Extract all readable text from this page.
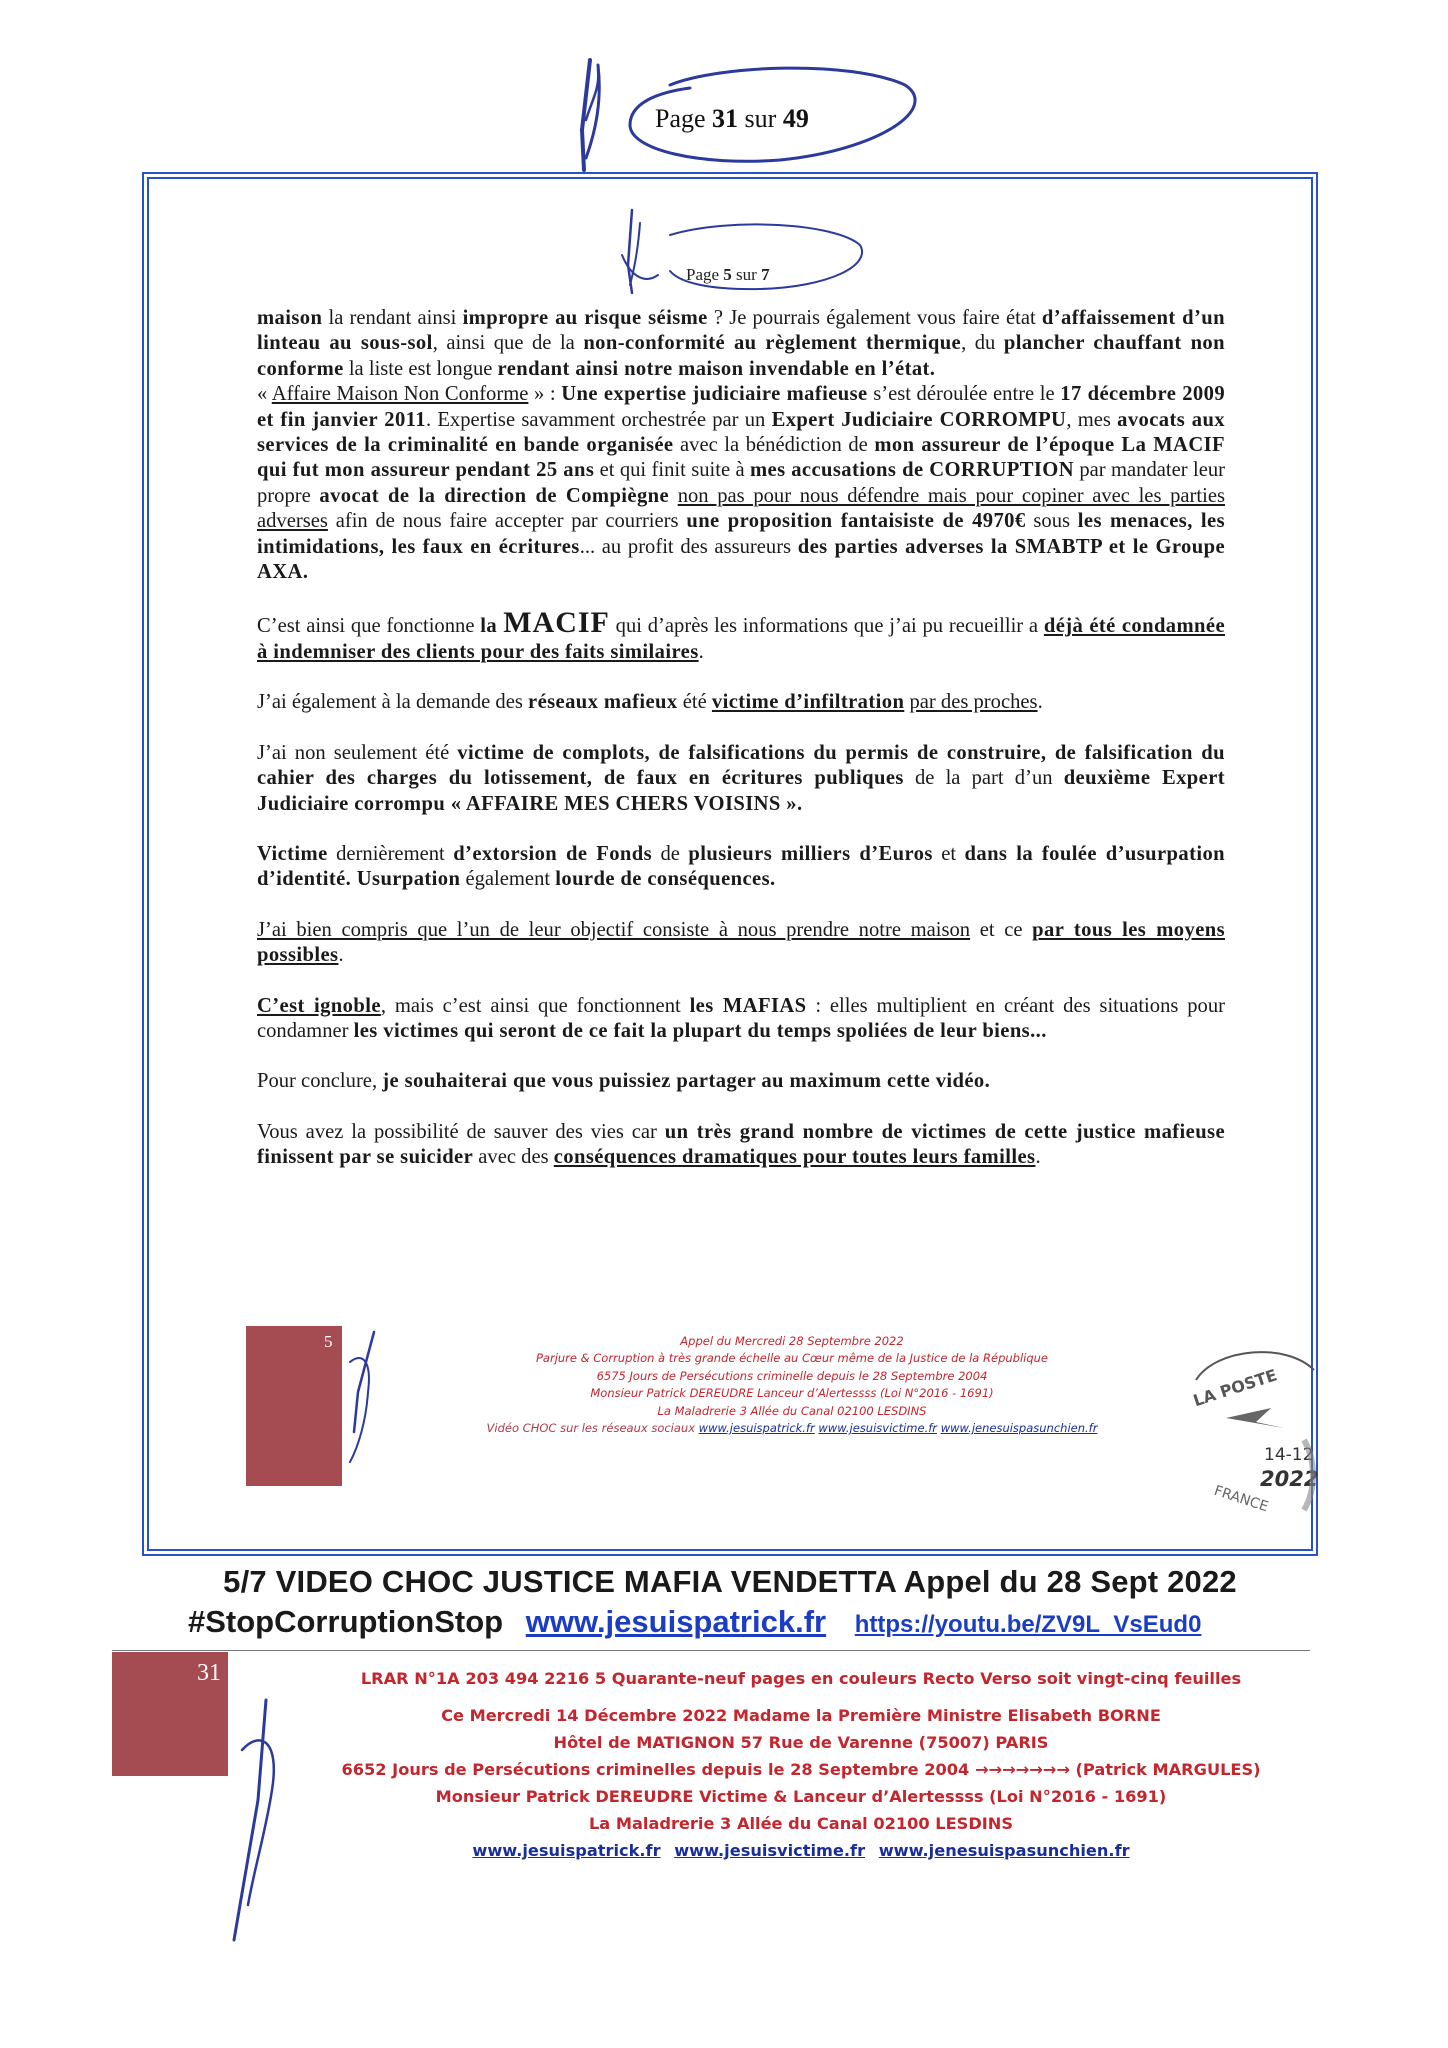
Page 31 sur 49
Page 5 sur 7

maison la rendant ainsi impropre au risque séisme ? Je pourrais également vous faire état d’affaissement d’un linteau au sous-sol, ainsi que de la non-conformité au règlement thermique, du plancher chauffant non conforme la liste est longue rendant ainsi notre maison invendable en l’état.

« Affaire Maison Non Conforme » : Une expertise judiciaire mafieuse s’est déroulée entre le 17 décembre 2009 et fin janvier 2011. Expertise savamment orchestrée par un Expert Judiciaire CORROMPU, mes avocats aux services de la criminalité en bande organisée avec la bénédiction de mon assureur de l’époque La MACIF qui fut mon assureur pendant 25 ans et qui finit suite à mes accusations de CORRUPTION par mandater leur propre avocat de la direction de Compiègne non pas pour nous défendre mais pour copiner avec les parties adverses afin de nous faire accepter par courriers une proposition fantaisiste de 4970€ sous les menaces, les intimidations, les faux en écritures... au profit des assureurs des parties adverses la SMABTP et le Groupe AXA.

C’est ainsi que fonctionne la MACIF qui d’après les informations que j’ai pu recueillir a déjà été condamnée à indemniser des clients pour des faits similaires.

J’ai également à la demande des réseaux mafieux été victime d’infiltration par des proches.

J’ai non seulement été victime de complots, de falsifications du permis de construire, de falsification du cahier des charges du lotissement, de faux en écritures publiques de la part d’un deuxième Expert Judiciaire corrompu « AFFAIRE MES CHERS VOISINS ».

Victime dernièrement d’extorsion de Fonds de plusieurs milliers d’Euros et dans la foulée d’usurpation d’identité. Usurpation également lourde de conséquences.

J’ai bien compris que l’un de leur objectif consiste à nous prendre notre maison et ce par tous les moyens possibles.

C’est ignoble, mais c’est ainsi que fonctionnent les MAFIAS : elles multiplient en créant des situations pour condamner les victimes qui seront de ce fait la plupart du temps spoliées de leur biens...

Pour conclure, je souhaiterai que vous puissiez partager au maximum cette vidéo.

Vous avez la possibilité de sauver des vies car un très grand nombre de victimes de cette justice mafieuse finissent par se suicider avec des conséquences dramatiques pour toutes leurs familles.

5	Appel du Mercredi 28 Septembre 2022
Parjure & Corruption à très grande échelle au Cœur même de la Justice de la République
6575 Jours de Persécutions criminelle depuis le 28 Septembre 2004
Monsieur Patrick DEREUDRE Lanceur d’Alertessss (Loi N°2016 - 1691)
La Maladrerie 3 Allée du Canal 02100 LESDINS
Vidéo CHOC sur les réseaux sociaux www.jesuispatrick.fr www.jesuisvictime.fr www.jenesuispasunchien.fr
LA POSTE
14-12
2022
FRANCE
5/7 VIDEO CHOC JUSTICE MAFIA VENDETTA Appel du 28 Sept 2022
#StopCorruptionStop www.jesuispatrick.fr https://youtu.be/ZV9L_VsEud0
31	LRAR N°1A 203 494 2216 5 Quarante-neuf pages en couleurs Recto Verso soit vingt-cinq feuilles
Ce Mercredi 14 Décembre 2022 Madame la Première Ministre Elisabeth BORNE
Hôtel de MATIGNON 57 Rue de Varenne (75007) PARIS
6652 Jours de Persécutions criminelles depuis le 28 Septembre 2004 →→→→→→→ (Patrick MARGULES)
Monsieur Patrick DEREUDRE Victime & Lanceur d’Alertessss (Loi N°2016 - 1691)
La Maladrerie 3 Allée du Canal 02100 LESDINS
www.jesuispatrick.fr www.jesuisvictime.fr www.jenesuispasunchien.fr
